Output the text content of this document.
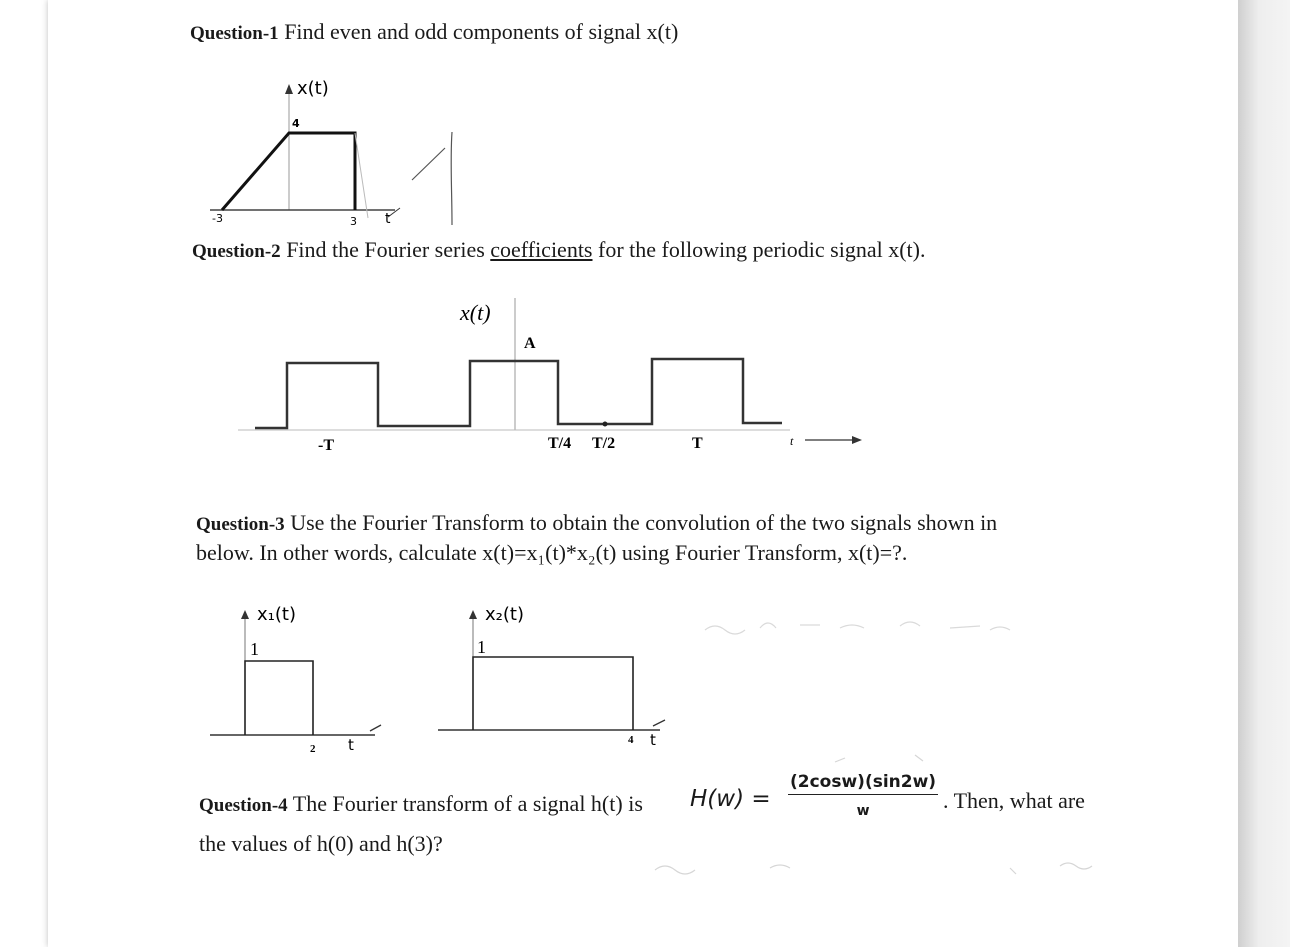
Question-1 Find even and odd components of signal x(t)
x(t)
4
-3	3 t
Question-2 Find the Fourier series coefficients for the following periodic signal x(t).
x(t)
A
-T	T/4 T/2	T	t
Question-3 Use the Fourier Transform to obtain the convolution of the two signals shown in
below. In other words, calculate x(t)=x₁(t)*x₂(t) using Fourier Transform, x(t)=?.
x₁(t)
1
2 t
x₂(t)
1
4 t
Question-4 The Fourier transform of a signal h(t) is H(w) =
(2cosw)(sin2w)
w	. Then, what are
the values of h(0) and h(3)?
